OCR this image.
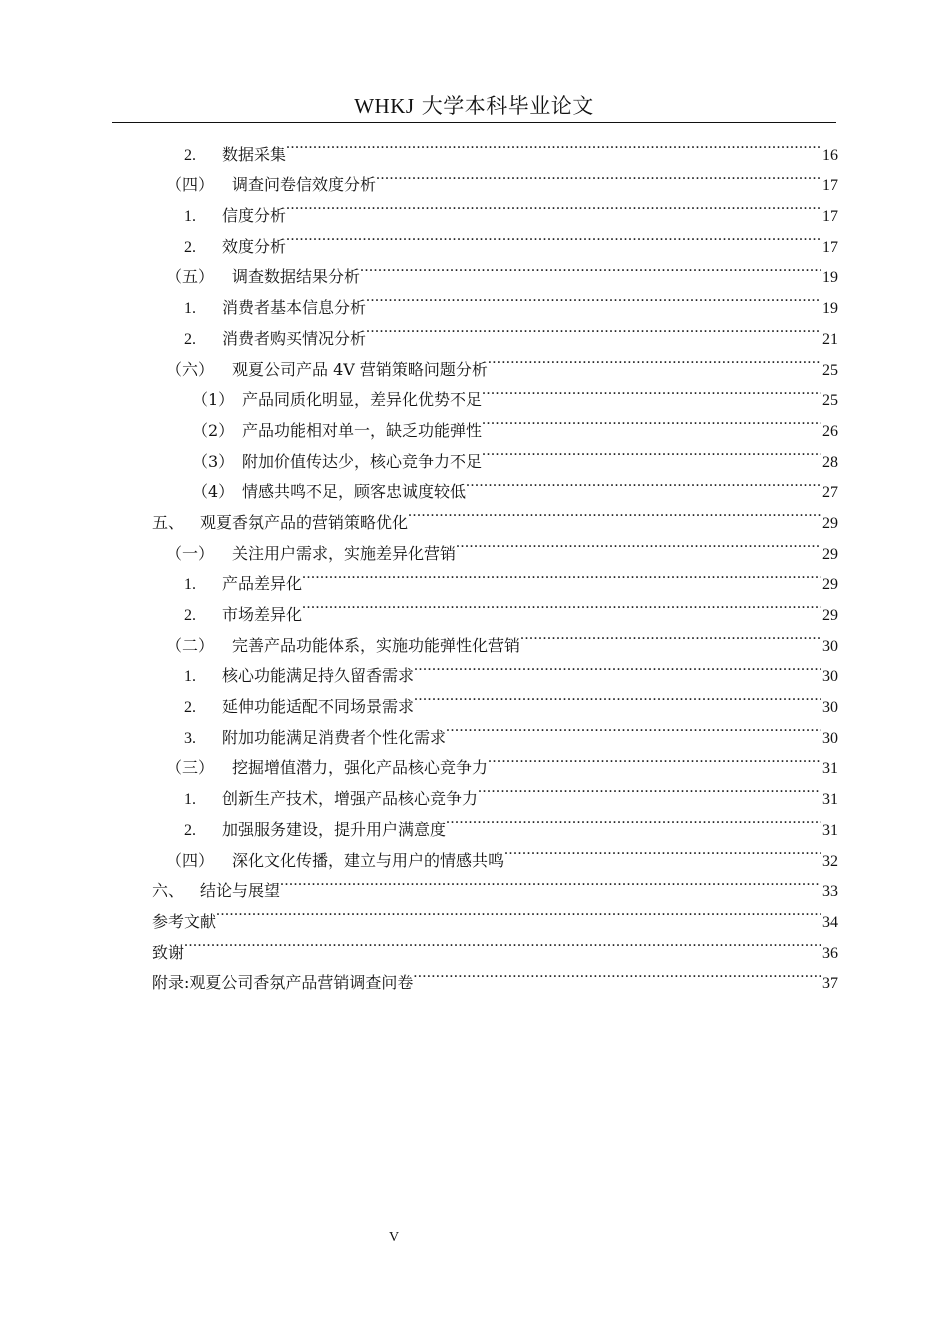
WHKJ 大学本科毕业论文
2.	数据采集 .....	16
（四）	调查问卷信效度分析 .....	17
1.	信度分析 .....	17
2.	效度分析 .....	17
（五）	调查数据结果分析 .....	19
1.	消费者基本信息分析 .....	19
2.	消费者购买情况分析 .....	21
（六）	观夏公司产品 4V 营销策略问题分析 .....	25
（1） 产品同质化明显，差异化优势不足 .....	25
（2） 产品功能相对单一，缺乏功能弹性 .....	26
（3） 附加价值传达少，核心竞争力不足 .....	28
（4） 情感共鸣不足，顾客忠诚度较低 .....	27
五、 观夏香氛产品的营销策略优化 .....	29
（一）	关注用户需求，实施差异化营销 .....	29
1.	产品差异化 .....	29
2.	市场差异化 .....	29
（二）	完善产品功能体系，实施功能弹性化营销 .....	30
1.	核心功能满足持久留香需求 .....	30
2.	延伸功能适配不同场景需求 .....	30
3.	附加功能满足消费者个性化需求 .....	30
（三）	挖掘增值潜力，强化产品核心竞争力 .....	31
1.	创新生产技术，增强产品核心竞争力 .....	31
2.	加强服务建设，提升用户满意度 .....	31
（四）	深化文化传播，建立与用户的情感共鸣 .....	32
六、 结论与展望 .....	33
参考文献 .....	34
致谢 .....	36
附录:观夏公司香氛产品营销调查问卷 .....	37
V
